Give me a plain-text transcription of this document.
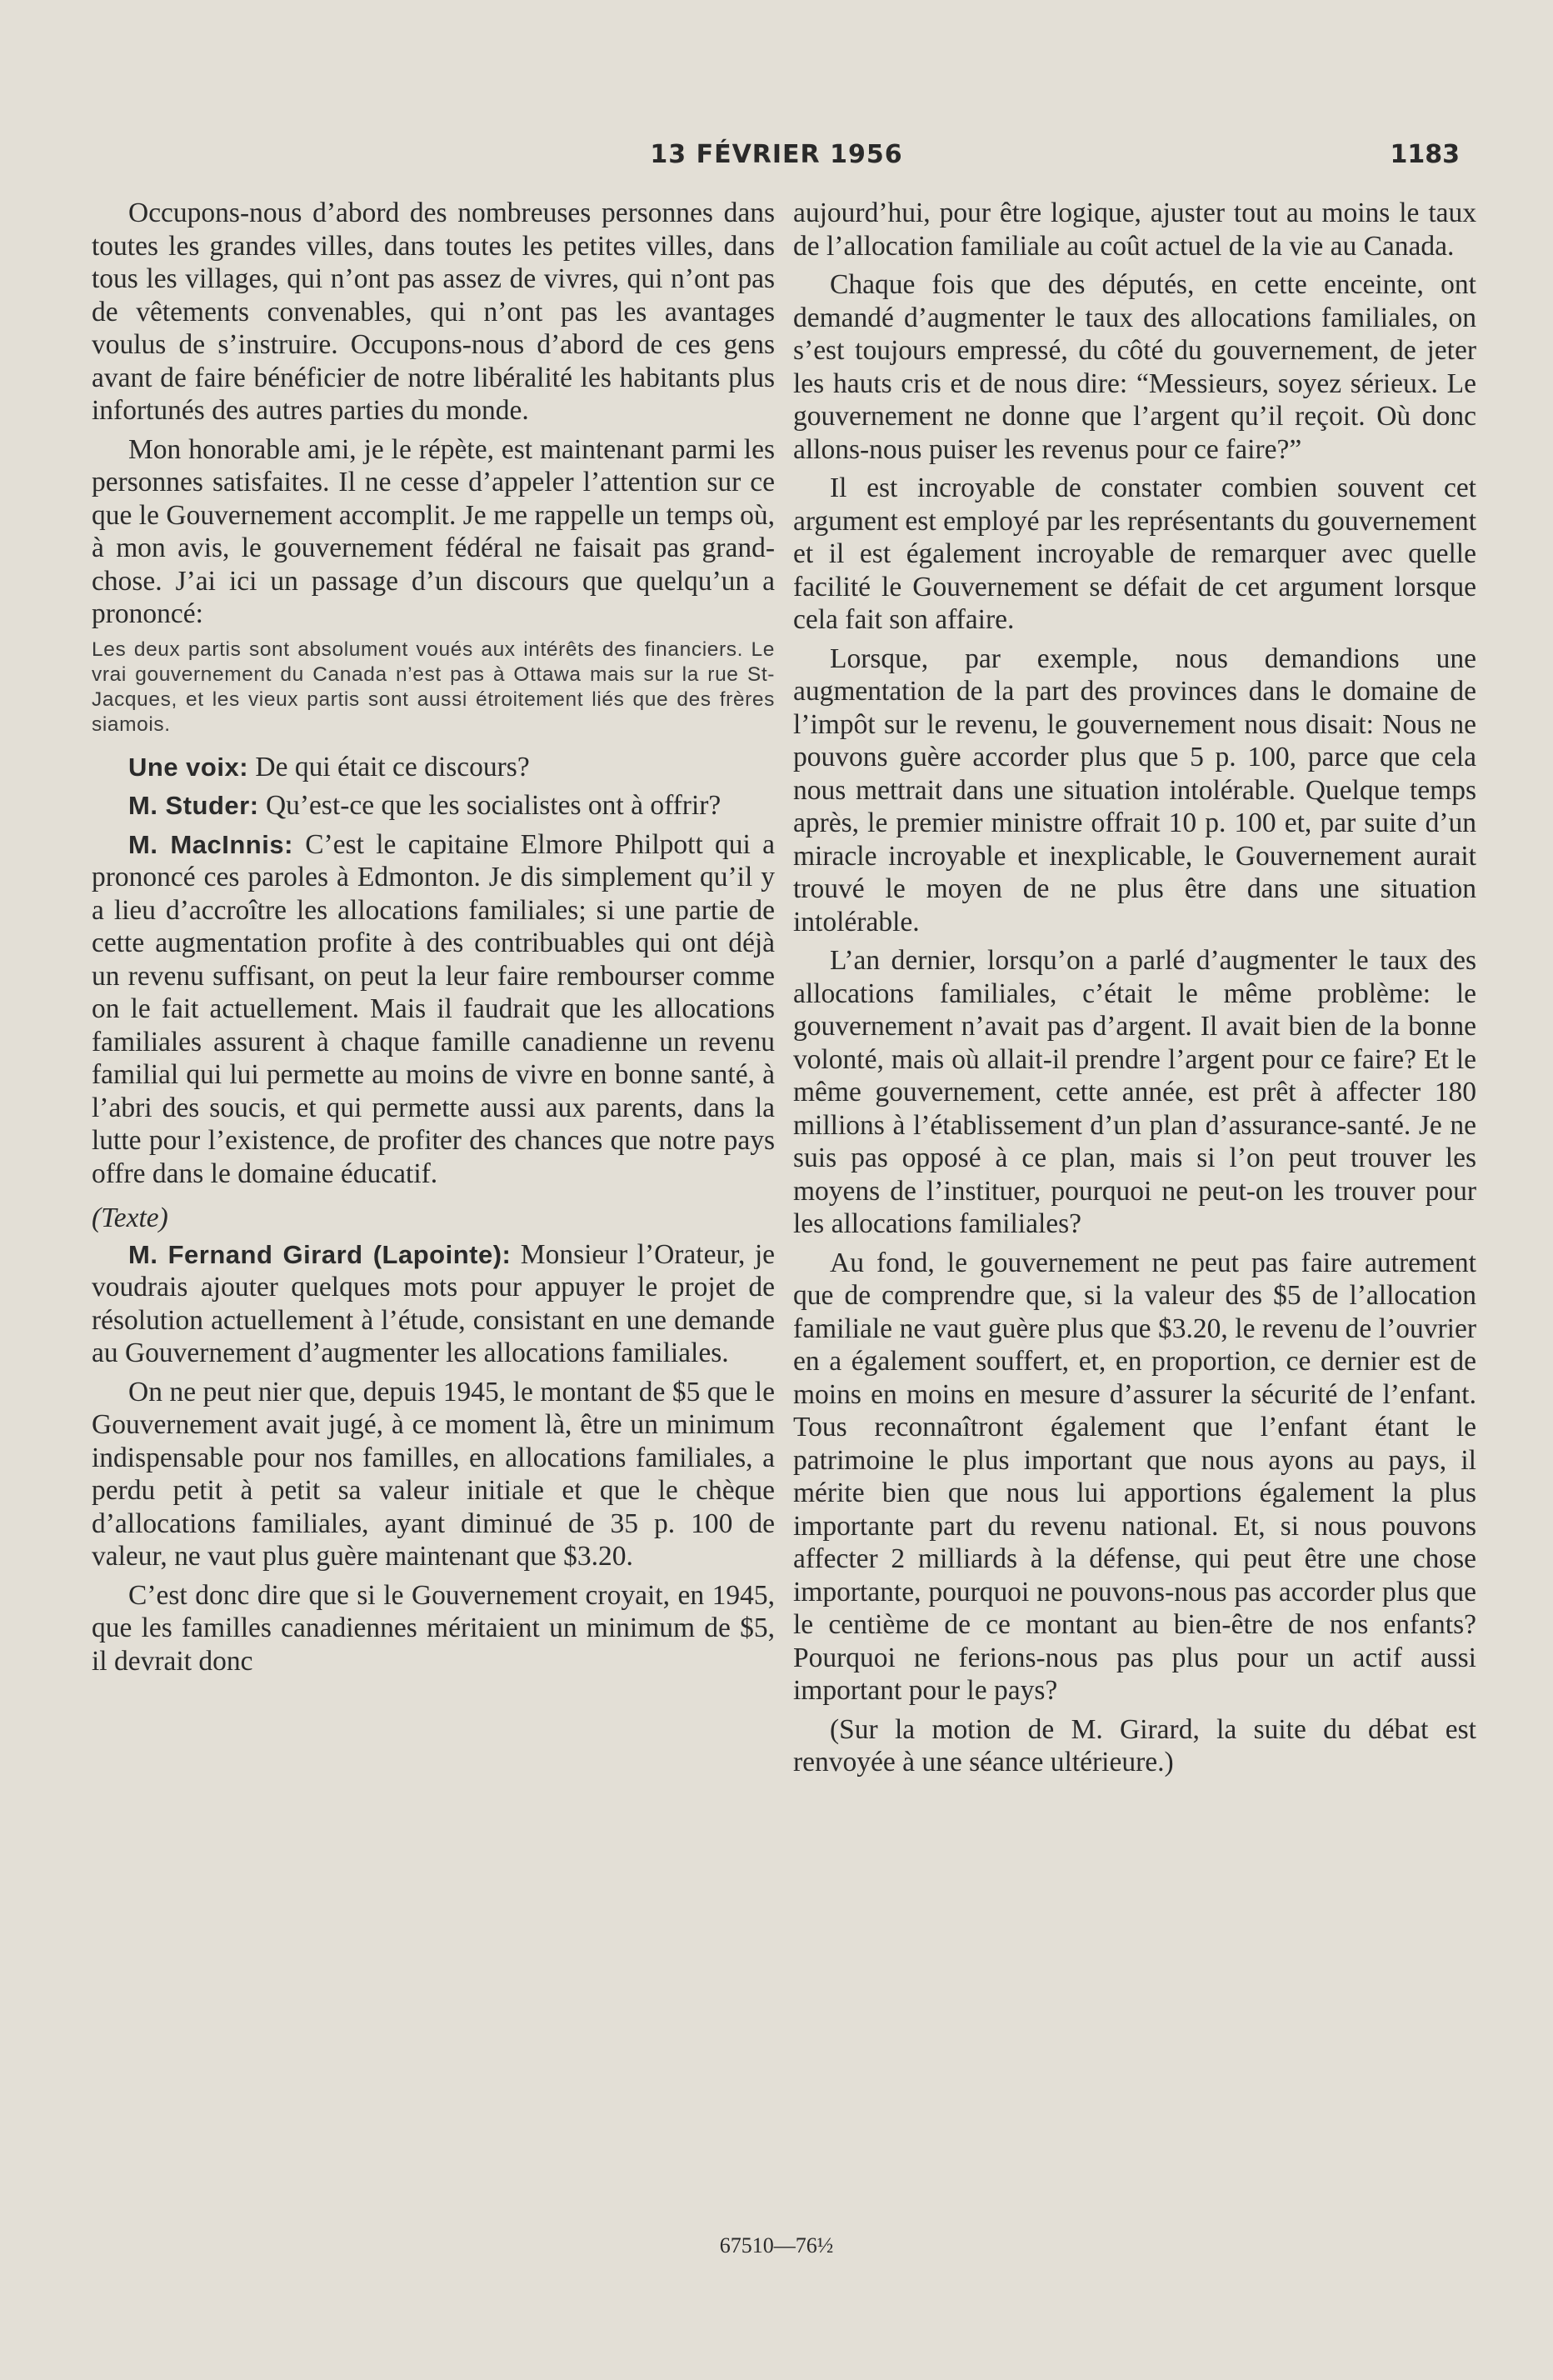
13 FÉVRIER 1956	1183

Occupons-nous d’abord des nombreuses personnes dans toutes les grandes villes, dans toutes les petites villes, dans tous les villages, qui n’ont pas assez de vivres, qui n’ont pas de vêtements convenables, qui n’ont pas les avantages voulus de s’instruire. Occupons-nous d’abord de ces gens avant de faire bénéficier de notre libéralité les habitants plus infortunés des autres parties du monde.

Mon honorable ami, je le répète, est maintenant parmi les personnes satisfaites. Il ne cesse d’appeler l’attention sur ce que le Gouvernement accomplit. Je me rappelle un temps où, à mon avis, le gouvernement fédéral ne faisait pas grand-chose. J’ai ici un passage d’un discours que quelqu’un a prononcé:

Les deux partis sont absolument voués aux intérêts des financiers. Le vrai gouvernement du Canada n’est pas à Ottawa mais sur la rue St-Jacques, et les vieux partis sont aussi étroitement liés que des frères siamois.

Une voix: De qui était ce discours?

M. Studer: Qu’est-ce que les socialistes ont à offrir?

M. MacInnis: C’est le capitaine Elmore Philpott qui a prononcé ces paroles à Edmonton. Je dis simplement qu’il y a lieu d’accroître les allocations familiales; si une partie de cette augmentation profite à des contribuables qui ont déjà un revenu suffisant, on peut la leur faire rembourser comme on le fait actuellement. Mais il faudrait que les allocations familiales assurent à chaque famille canadienne un revenu familial qui lui permette au moins de vivre en bonne santé, à l’abri des soucis, et qui permette aussi aux parents, dans la lutte pour l’existence, de profiter des chances que notre pays offre dans le domaine éducatif.

(Texte)

M. Fernand Girard (Lapointe): Monsieur l’Orateur, je voudrais ajouter quelques mots pour appuyer le projet de résolution actuellement à l’étude, consistant en une demande au Gouvernement d’augmenter les allocations familiales.

On ne peut nier que, depuis 1945, le montant de $5 que le Gouvernement avait jugé, à ce moment là, être un minimum indispensable pour nos familles, en allocations familiales, a perdu petit à petit sa valeur initiale et que le chèque d’allocations familiales, ayant diminué de 35 p. 100 de valeur, ne vaut plus guère maintenant que $3.20.

C’est donc dire que si le Gouvernement croyait, en 1945, que les familles canadiennes méritaient un minimum de $5, il devrait donc

aujourd’hui, pour être logique, ajuster tout au moins le taux de l’allocation familiale au coût actuel de la vie au Canada.

Chaque fois que des députés, en cette enceinte, ont demandé d’augmenter le taux des allocations familiales, on s’est toujours empressé, du côté du gouvernement, de jeter les hauts cris et de nous dire: “Messieurs, soyez sérieux. Le gouvernement ne donne que l’argent qu’il reçoit. Où donc allons-nous puiser les revenus pour ce faire?”

Il est incroyable de constater combien souvent cet argument est employé par les représentants du gouvernement et il est également incroyable de remarquer avec quelle facilité le Gouvernement se défait de cet argument lorsque cela fait son affaire.

Lorsque, par exemple, nous demandions une augmentation de la part des provinces dans le domaine de l’impôt sur le revenu, le gouvernement nous disait: Nous ne pouvons guère accorder plus que 5 p. 100, parce que cela nous mettrait dans une situation intolérable. Quelque temps après, le premier ministre offrait 10 p. 100 et, par suite d’un miracle incroyable et inexplicable, le Gouvernement aurait trouvé le moyen de ne plus être dans une situation intolérable.

L’an dernier, lorsqu’on a parlé d’augmenter le taux des allocations familiales, c’était le même problème: le gouvernement n’avait pas d’argent. Il avait bien de la bonne volonté, mais où allait-il prendre l’argent pour ce faire? Et le même gouvernement, cette année, est prêt à affecter 180 millions à l’établissement d’un plan d’assurance-santé. Je ne suis pas opposé à ce plan, mais si l’on peut trouver les moyens de l’instituer, pourquoi ne peut-on les trouver pour les allocations familiales?

Au fond, le gouvernement ne peut pas faire autrement que de comprendre que, si la valeur des $5 de l’allocation familiale ne vaut guère plus que $3.20, le revenu de l’ouvrier en a également souffert, et, en proportion, ce dernier est de moins en moins en mesure d’assurer la sécurité de l’enfant. Tous reconnaîtront également que l’enfant étant le patrimoine le plus important que nous ayons au pays, il mérite bien que nous lui apportions également la plus importante part du revenu national. Et, si nous pouvons affecter 2 milliards à la défense, qui peut être une chose importante, pourquoi ne pouvons-nous pas accorder plus que le centième de ce montant au bien-être de nos enfants? Pourquoi ne ferions-nous pas plus pour un actif aussi important pour le pays?

(Sur la motion de M. Girard, la suite du débat est renvoyée à une séance ultérieure.)

67510—76½
